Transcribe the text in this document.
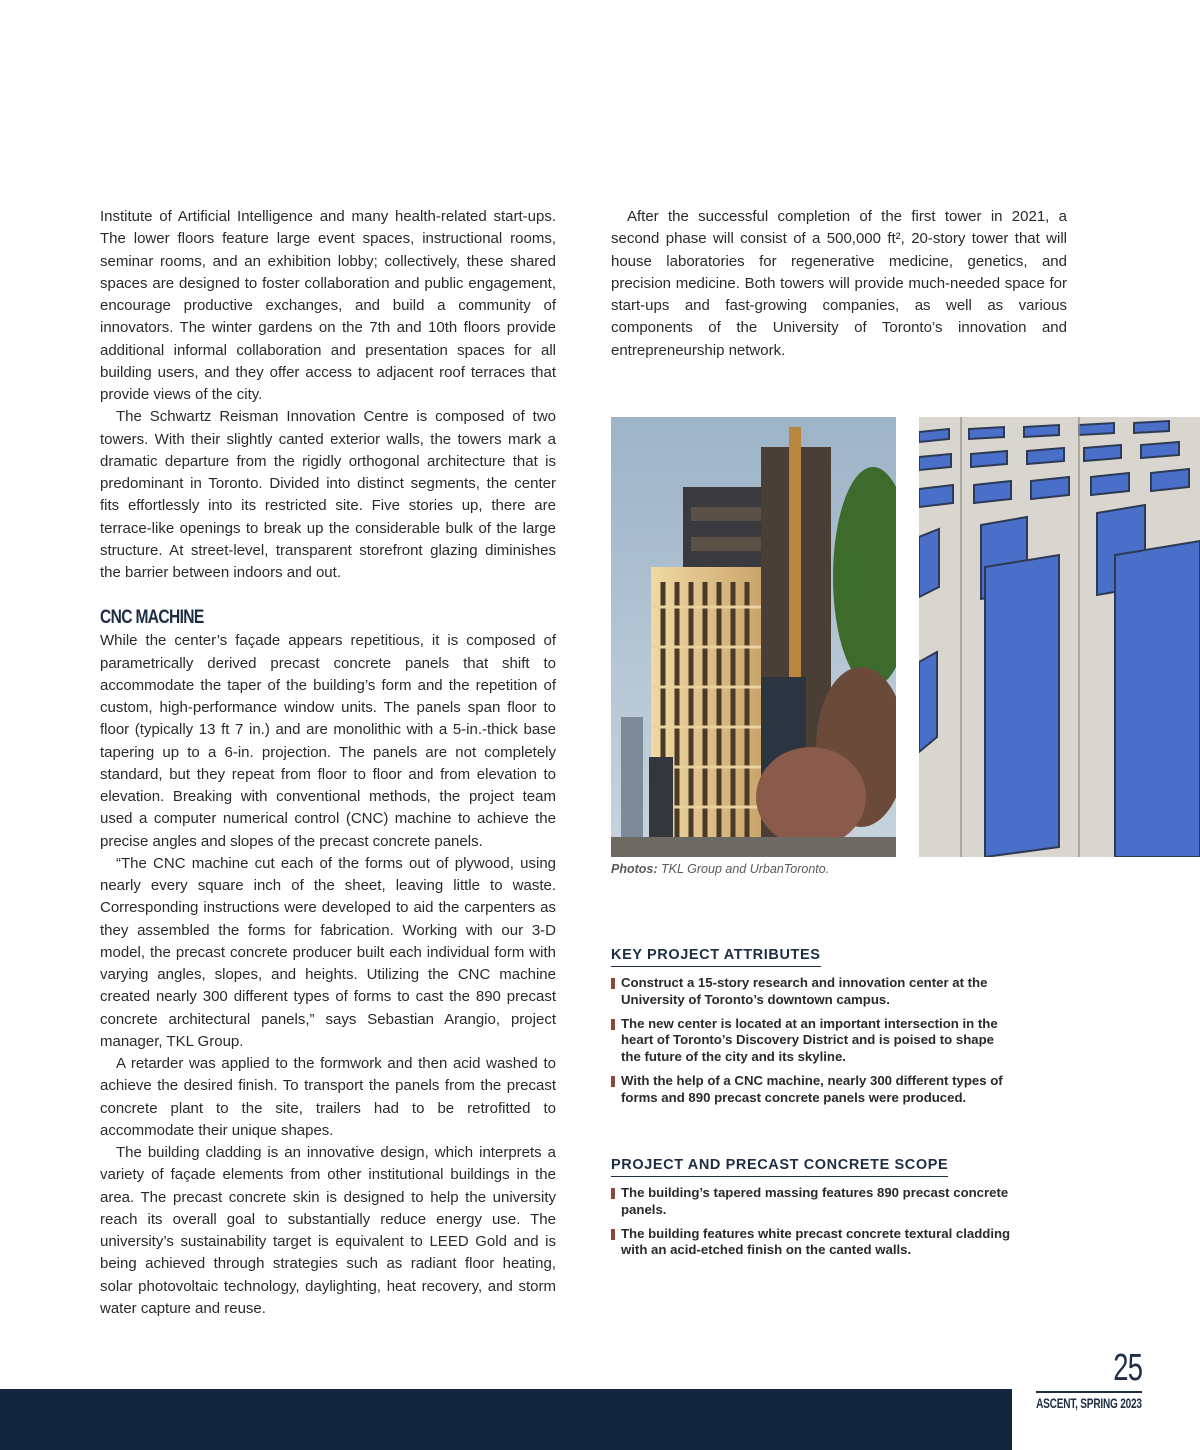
Institute of Artificial Intelligence and many health-related start-ups. The lower floors feature large event spaces, instructional rooms, seminar rooms, and an exhibition lobby; collectively, these shared spaces are designed to foster collaboration and public engagement, encourage productive exchanges, and build a community of innovators. The winter gardens on the 7th and 10th floors provide additional informal collaboration and presentation spaces for all building users, and they offer access to adjacent roof terraces that provide views of the city.

The Schwartz Reisman Innovation Centre is composed of two towers. With their slightly canted exterior walls, the towers mark a dramatic departure from the rigidly orthogonal architecture that is predominant in Toronto. Divided into distinct segments, the center fits effortlessly into its restricted site. Five stories up, there are terrace-like openings to break up the considerable bulk of the large structure. At street-level, transparent storefront glazing diminishes the barrier between indoors and out.

CNC MACHINE

While the center’s façade appears repetitious, it is composed of parametrically derived precast concrete panels that shift to accommodate the taper of the building’s form and the repetition of custom, high-performance window units. The panels span floor to floor (typically 13 ft 7 in.) and are monolithic with a 5-in.-thick base tapering up to a 6-in. projection. The panels are not completely standard, but they repeat from floor to floor and from elevation to elevation. Breaking with conventional methods, the project team used a computer numerical control (CNC) machine to achieve the precise angles and slopes of the precast concrete panels.

“The CNC machine cut each of the forms out of plywood, using nearly every square inch of the sheet, leaving little to waste. Corresponding instructions were developed to aid the carpenters as they assembled the forms for fabrication. Working with our 3-D model, the precast concrete producer built each individual form with varying angles, slopes, and heights. Utilizing the CNC machine created nearly 300 different types of forms to cast the 890 precast concrete architectural panels,” says Sebastian Arangio, project manager, TKL Group.

A retarder was applied to the formwork and then acid washed to achieve the desired finish. To transport the panels from the precast concrete plant to the site, trailers had to be retrofitted to accommodate their unique shapes.

The building cladding is an innovative design, which interprets a variety of façade elements from other institutional buildings in the area. The precast concrete skin is designed to help the university reach its overall goal to substantially reduce energy use. The university’s sustainability target is equivalent to LEED Gold and is being achieved through strategies such as radiant floor heating, solar photovoltaic technology, daylighting, heat recovery, and storm water capture and reuse.

After the successful completion of the first tower in 2021, a second phase will consist of a 500,000 ft², 20-story tower that will house laboratories for regenerative medicine, genetics, and precision medicine. Both towers will provide much-needed space for start-ups and fast-growing companies, as well as various components of the University of Toronto’s innovation and entrepreneurship network.

Photos: TKL Group and UrbanToronto.
KEY PROJECT ATTRIBUTES
Construct a 15-story research and innovation center at the University of Toronto’s downtown campus.
The new center is located at an important intersection in the heart of Toronto’s Discovery District and is poised to shape the future of the city and its skyline.
With the help of a CNC machine, nearly 300 different types of forms and 890 precast concrete panels were produced.
PROJECT AND PRECAST CONCRETE SCOPE
The building’s tapered massing features 890 precast concrete panels.
The building features white precast concrete textural cladding with an acid-etched finish on the canted walls.
25
ASCENT, SPRING 2023
